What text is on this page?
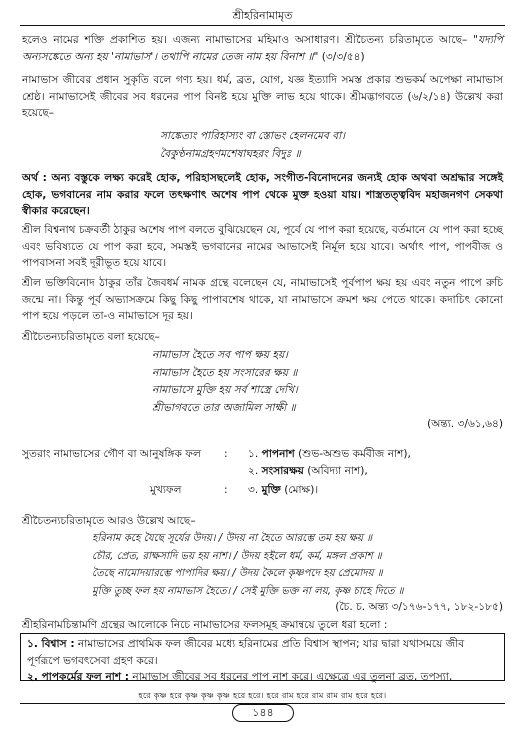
শ্রীহরিনামামৃত
হলেও নামের শক্তি প্রকাশিত হয়। এজন্য নামাভাসের মহিমাও অসাধারণ। শ্রীচৈতন্য চরিতামৃতে আছে– "যদ্যপি অন্যসঙ্কেতে অন্য হয় 'নামাভাস'। তথাপি নামের তেজ নাম হয় বিনাশ ॥" (৩/৩/৫৪)
নামাভাস জীবের প্রধান সুকৃতি বলে গণ্য হয়। ধর্ম, ব্রত, যোগ, যজ্ঞ ইত্যাদি সমস্ত প্রকার শুভকর্ম অপেক্ষা নামাভাস শ্রেষ্ঠ। নামাভাসেই জীবের সব ধরনের পাপ বিনষ্ট হয়ে মুক্তি লাভ হয়ে থাকে। শ্রীমদ্ভাগবতে (৬/২/১৪) উল্লেখ করা হয়েছে–
সাঙ্কেত্যং পারিহাস্যং বা স্তোভং হেলনমেব বা।
বৈকুণ্ঠনামগ্রহণমশেষাঘহরং বিদুঃ ॥
অর্থ : অন্য বস্তুকে লক্ষ্য করেই হোক, পরিহাসছলেই হোক, সংগীত-বিনোদনের জন্যই হোক অথবা অশ্রদ্ধার সঙ্গেই হোক, ভগবানের নাম করার ফলে তৎক্ষণাৎ অশেষ পাপ থেকে মুক্ত হওয়া যায়। শাস্ত্রতত্ত্ববিদ মহাজনগণ সেকথা স্বীকার করেছেন।
শ্রীল বিশ্বনাথ চক্রবর্তী ঠাকুর অশেষ পাপ বলতে বুঝিয়েছেন যে, পূর্বে যে পাপ করা হয়েছে, বর্তমানে যে পাপ করা হচ্ছে এবং ভবিষ্যতে যে পাপ করা হবে, সমস্তই ভগবানের নামের আভাসেই নির্মূল হয়ে যাবে। অর্থাৎ পাপ, পাপবীজ ও পাপবাসনা সবই দূরীভূত হয়ে যাবে।
শ্রীল ভক্তিবিনোদ ঠাকুর তাঁর জৈবধর্ম নামক গ্রন্থে বলেছেন যে, নামাভাসেই পূর্বপাপ ক্ষয় হয় এবং নতুন পাপে রুচি জন্মে না। কিন্তু পূর্ব অভ্যাসক্রমে কিছু কিছু পাপাবশেষ থাকে, যা নামাভাসে ক্রমশ ক্ষয় পেতে থাকে। কদাচিৎ কোনো পাপ হয়ে পড়লে তা-ও নামাভাসে দূর হয়।
শ্রীচৈতন্যচরিতামৃতে বলা হয়েছে–
নামাভাস হৈতে সব পাপ ক্ষয় হয়।
নামাভাস হৈতে হয় সংসারের ক্ষয় ॥
নামাভাসে মুক্তি হয় সর্ব শাস্ত্রে দেখি।
শ্রীভাগবতে তার অজামিল সাক্ষী ॥
(অন্ত্য. ৩/৬১,৬৪)
সুতরাং নামাভাসের গৌণ বা আনুষঙ্গিক ফল : ১. পাপনাশ (শুভ-অশুভ কর্মবীজ নাশ),
২. সংসারক্ষয় (অবিদ্যা নাশ),
মুখ্যফল	: ৩. মুক্তি (মোক্ষ)।
শ্রীচৈতন্যচরিতামৃতে আরও উল্লেখ আছে–
হরিনাম কহে যৈছে সূর্যের উদয়। / উদয় না হৈতে আরম্ভে তম হয় ক্ষয় ॥
চৌর, প্রেত, রাক্ষসাদি ভয় হয় নাশ। / উদয় হইলে ধর্ম, কর্ম, মঙ্গল প্রকাশ ॥
তৈছে নামোদয়ারম্ভে পাপাদির ক্ষয়। / উদয় কৈলে কৃষ্ণপদে হয় প্রেমোদয় ॥
মুক্তি তুচ্ছ ফল হয় নামাভাস হৈতে। / সেই মুক্তি ভক্ত না লয়, কৃষ্ণ চাহে দিতে ॥
(চৈ. চ. অন্ত্য ৩/১৭৬-১৭৭, ১৮২-১৮৫)
শ্রীহরিনামচিন্তামণি গ্রন্থের আলোকে নিচে নামাভাসের ফলসমূহ ক্রমান্বয়ে তুলে ধরা হলো :
১. বিশ্বাস : নামাভাসের প্রাথমিক ফল জীবের মধ্যে হরিনামের প্রতি বিশ্বাস স্থাপন; যার দ্বারা যথাসময়ে জীব পূর্ণরূপে ভগবৎসেবা গ্রহণ করে।
২. পাপকর্মের ফল নাশ : নামাভাস জীবের সব ধরনের পাপ নাশ করে। এক্ষেত্রে এর তুলনা ব্রত, তপস্যা,
হরে কৃষ্ণ হরে কৃষ্ণ কৃষ্ণ কৃষ্ণ হরে হরে। হরে রাম হরে রাম রাম রাম হরে হরে।
১৪৪
